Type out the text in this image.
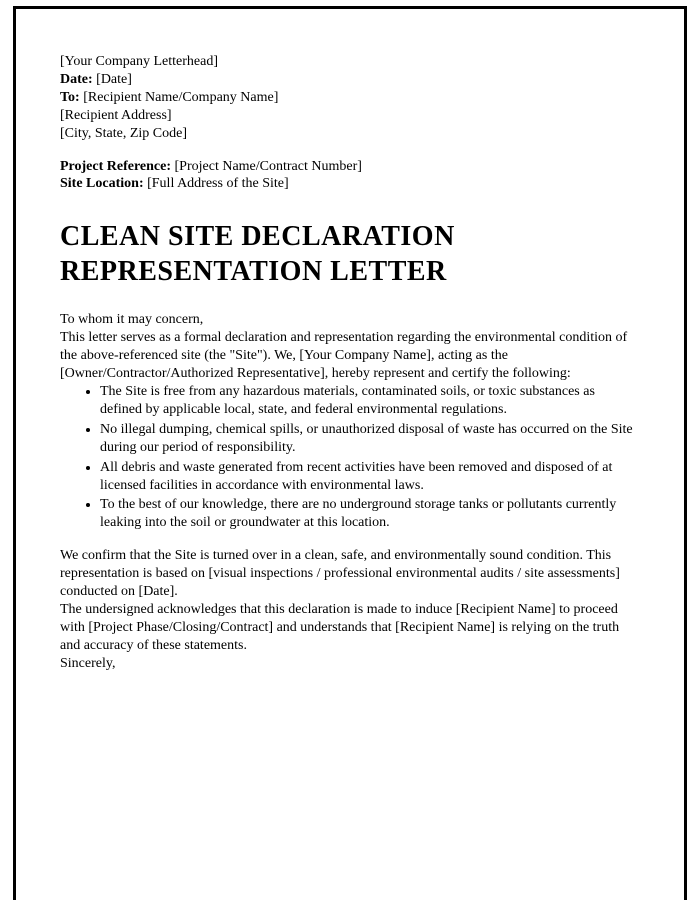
[Your Company Letterhead]

Date: [Date]

To: [Recipient Name/Company Name]

[Recipient Address]

[City, State, Zip Code]

Project Reference: [Project Name/Contract Number]

Site Location: [Full Address of the Site]

CLEAN SITE DECLARATION REPRESENTATION LETTER

To whom it may concern,

This letter serves as a formal declaration and representation regarding the environmental condition of the above-referenced site (the "Site"). We, [Your Company Name], acting as the [Owner/Contractor/Authorized Representative], hereby represent and certify the following:

• The Site is free from any hazardous materials, contaminated soils, or toxic substances as defined by applicable local, state, and federal environmental regulations.
• No illegal dumping, chemical spills, or unauthorized disposal of waste has occurred on the Site during our period of responsibility.
• All debris and waste generated from recent activities have been removed and disposed of at licensed facilities in accordance with environmental laws.
• To the best of our knowledge, there are no underground storage tanks or pollutants currently leaking into the soil or groundwater at this location.

We confirm that the Site is turned over in a clean, safe, and environmentally sound condition. This representation is based on [visual inspections / professional environmental audits / site assessments] conducted on [Date].

The undersigned acknowledges that this declaration is made to induce [Recipient Name] to proceed with [Project Phase/Closing/Contract] and understands that [Recipient Name] is relying on the truth and accuracy of these statements.

Sincerely,
